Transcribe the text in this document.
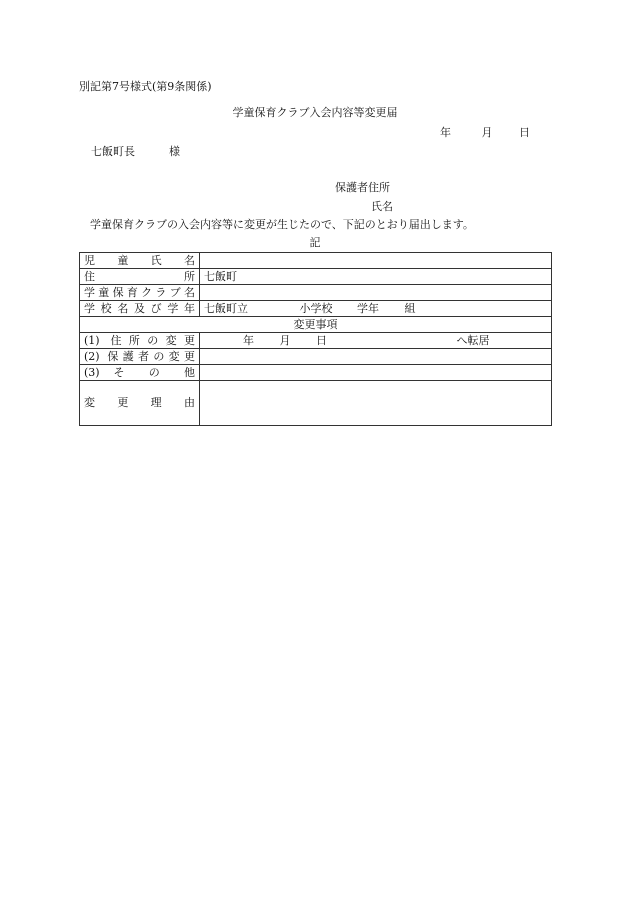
別記第7号様式(第9条関係)
学童保育クラブ入会内容等変更届
年	月 日
七飯町長	様
保護者住所
氏名
学童保育クラブの入会内容等に変更が生じたので、下記のとおり届出します。
記
児 童 氏 名	
住 所	七飯町
学童保育クラブ名	
学校名及び学年	七飯町立 小学校 学年 組
変更事項	
(1) 住所の変更	年 月 日 へ転居
(2) 保護者の変更	
(3) そ の 他	
変 更 理 由	
